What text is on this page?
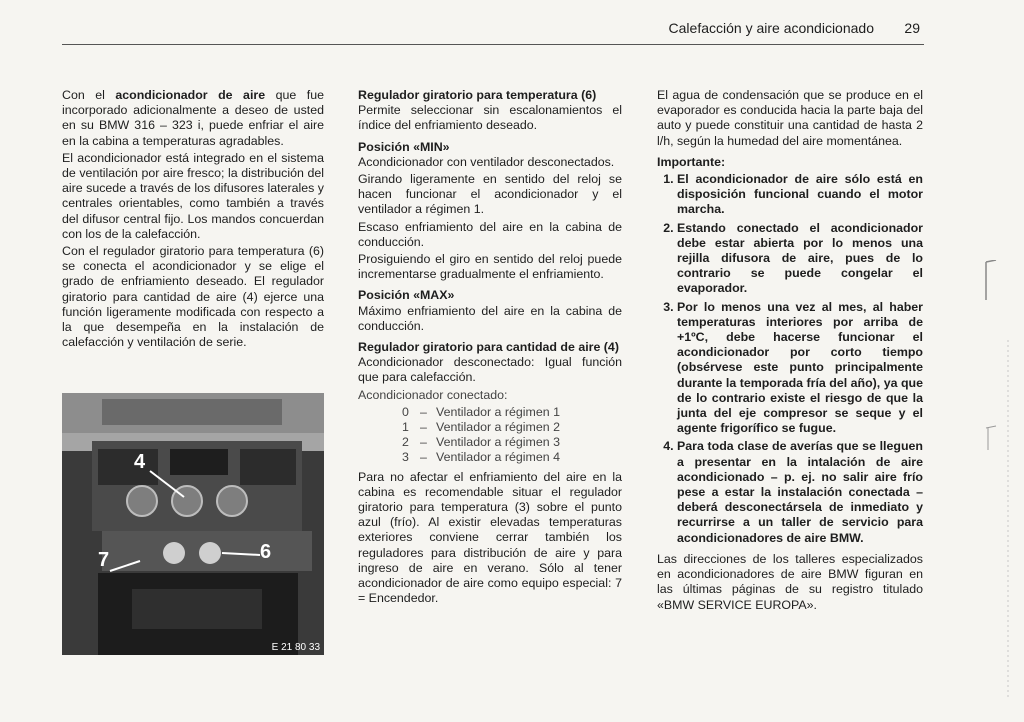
Calefacción y aire acondicionado 29

Con el acondicionador de aire que fue incorporado adicionalmente a deseo de usted en su BMW 316 – 323 i, puede enfriar el aire en la cabina a temperaturas agradables.

El acondicionador está integrado en el sistema de ventilación por aire fresco; la distribución del aire sucede a través de los difusores laterales y centrales orientables, como también a través del difusor central fijo. Los mandos concuerdan con los de la calefacción.

Con el regulador giratorio para temperatura (6) se conecta el acondicionador y se elige el grado de enfriamiento deseado. El regulador giratorio para cantidad de aire (4) ejerce una función ligeramente modificada con respecto a la que desempeña en la instalación de calefacción y ventilación de serie.

4
7	6
E 21 80 33
Regulador giratorio para temperatura (6)

Permite seleccionar sin escalonamientos el índice del enfriamiento deseado.

Posición «MIN»

Acondicionador con ventilador desconectados.

Girando ligeramente en sentido del reloj se hacen funcionar el acondicionador y el ventilador a régimen 1.

Escaso enfriamiento del aire en la cabina de conducción.

Prosiguiendo el giro en sentido del reloj puede incrementarse gradualmente el enfriamiento.

Posición «MAX»

Máximo enfriamiento del aire en la cabina de conducción.

Regulador giratorio para cantidad de aire (4)

Acondicionador desconectado: Igual función que para calefacción.

Acondicionador conectado:

0 – Ventilador a régimen 1
1 – Ventilador a régimen 2
2 – Ventilador a régimen 3
3 – Ventilador a régimen 4

Para no afectar el enfriamiento del aire en la cabina es recomendable situar el regulador giratorio para temperatura (3) sobre el punto azul (frío). Al existir elevadas temperaturas exteriores conviene cerrar también los reguladores para distribución de aire y para ingreso de aire en verano. Sólo al tener acondicionador de aire como equipo especial: 7 = Encendedor.

El agua de condensación que se produce en el evaporador es conducida hacia la parte baja del auto y puede constituir una cantidad de hasta 2 l/h, según la humedad del aire momentánea.

Importante:
1. El acondicionador de aire sólo está en disposición funcional cuando el motor marcha.
2. Estando conectado el acondicionador debe estar abierta por lo menos una rejilla difusora de aire, pues de lo contrario se puede congelar el evaporador.
3. Por lo menos una vez al mes, al haber temperaturas interiores por arriba de +1ºC, debe hacerse funcionar el acondicionador por corto tiempo (obsérvese este punto principalmente durante la temporada fría del año), ya que de lo contrario existe el riesgo de que la junta del eje compresor se seque y el agente frigorífico se fugue.
4. Para toda clase de averías que se lleguen a presentar en la intalación de aire acondicionado – p. ej. no salir aire frío pese a estar la instalación conectada – deberá desconectársela de inmediato y recurrirse a un taller de servicio para acondicionadores de aire BMW.

Las direcciones de los talleres especializados en acondicionadores de aire BMW figuran en las últimas páginas de su registro titulado «BMW SERVICE EUROPA».
